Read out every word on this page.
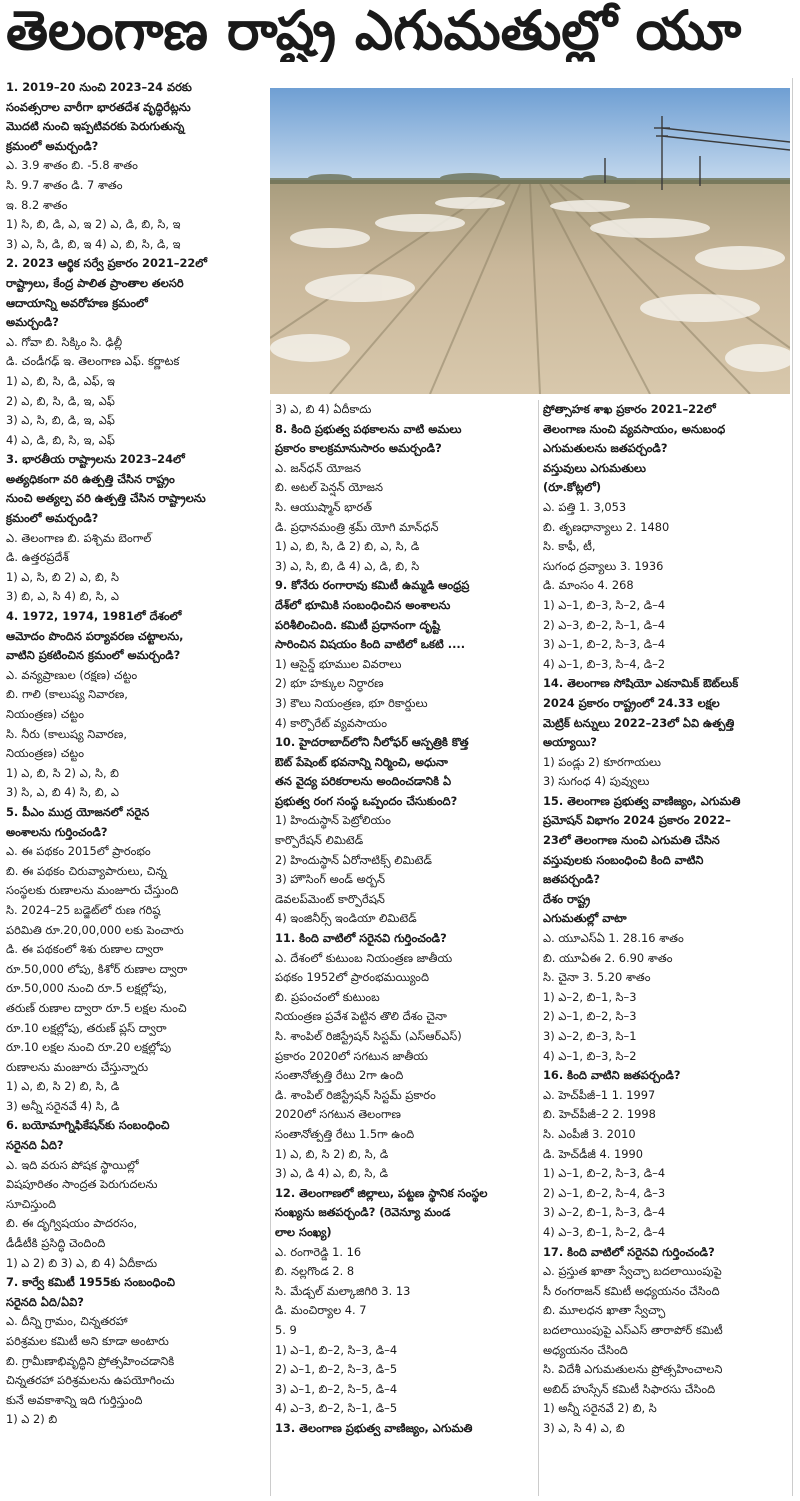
తెలంగాణ రాష్ట్ర ఎగుమతుల్లో యూ
1. 2019–20 నుంచి 2023–24 వరకు
సంవత్సరాల వారీగా భారతదేశ వృద్ధిరేట్లను
మొదటి నుంచి ఇప్పటివరకు పెరుగుతున్న
క్రమంలో అమర్చండి?
ఎ. 3.9 శాతం బి. -5.8 శాతం
సి. 9.7 శాతం డి. 7 శాతం
ఇ. 8.2 శాతం
1) సి, బి, డి, ఎ, ఇ 2) ఎ, డి, బి, సి, ఇ
3) ఎ, సి, డి, బి, ఇ 4) ఎ, బి, సి, డి, ఇ
2. 2023 ఆర్థిక సర్వే ప్రకారం 2021–22లో
రాష్ట్రాలు, కేంద్ర పాలిత ప్రాంతాల తలసరి
ఆదాయాన్ని అవరోహణ క్రమంలో
అమర్చండి?
ఎ. గోవా బి. సిక్కిం సి. ఢిల్లీ
డి. చండీగఢ్ ఇ. తెలంగాణ ఎఫ్. కర్ణాటక
1) ఎ, బి, సి, డి, ఎఫ్, ఇ
2) ఎ, బి, సి, డి, ఇ, ఎఫ్
3) ఎ, సి, బి, డి, ఇ, ఎఫ్
4) ఎ, డి, బి, సి, ఇ, ఎఫ్
3. భారతీయ రాష్ట్రాలను 2023–24లో
అత్యధికంగా వరి ఉత్పత్తి చేసిన రాష్ట్రం
నుంచి అత్యల్ప వరి ఉత్పత్తి చేసిన రాష్ట్రాలను
క్రమంలో అమర్చండి?
ఎ. తెలంగాణ బి. పశ్చిమ బెంగాల్
డి. ఉత్తరప్రదేశ్
1) ఎ, సి, బి 2) ఎ, బి, సి
3) బి, ఎ, సి 4) బి, సి, ఎ
4. 1972, 1974, 1981లో దేశంలో
ఆమోదం పొందిన పర్యావరణ చట్టాలను,
వాటిని ప్రకటించిన క్రమంలో అమర్చండి?
ఎ. వన్యప్రాణుల (రక్షణ) చట్టం
బి. గాలి (కాలుష్య నివారణ,
నియంత్రణ) చట్టం
సి. నీరు (కాలుష్య నివారణ,
నియంత్రణ) చట్టం
1) ఎ, బి, సి 2) ఎ, సి, బి
3) సి, ఎ, బి 4) సి, బి, ఎ
5. పీఎం ముద్ర యోజనలో సరైన
అంశాలను గుర్తించండి?
ఎ. ఈ పథకం 2015లో ప్రారంభం
బి. ఈ పథకం చిరువ్యాపారులు, చిన్న
సంస్థలకు రుణాలను మంజూరు చేస్తుంది
సి. 2024–25 బడ్జెట్‌లో రుణ గరిష్ఠ
పరిమితి రూ.20,00,000 లకు పెంచారు
డి. ఈ పథకంలో శిశు రుణాల ద్వారా
రూ.50,000 లోపు, కిశోర్ రుణాల ద్వారా
రూ.50,000 నుంచి రూ.5 లక్షల్లోపు,
తరుణ్ రుణాల ద్వారా రూ.5 లక్షల నుంచి
రూ.10 లక్షల్లోపు, తరుణ్ ప్లస్ ద్వారా
రూ.10 లక్షల నుంచి రూ.20 లక్షల్లోపు
రుణాలను మంజూరు చేస్తున్నారు
1) ఎ, బి, సి 2) బి, సి, డి
3) అన్నీ సరైనవే 4) సి, డి
6. బయోమాగ్నిఫికేషన్‌కు సంబంధించి
సరైనది ఏది?
ఎ. ఇది వరుస పోషక స్థాయిల్లో
విషపూరితం సాంద్రత పెరుగుదలను
సూచిస్తుంది
బి. ఈ దృగ్విషయం పాదరసం,
డీడీటీకి ప్రసిద్ధి చెందింది
1) ఎ 2) బి 3) ఎ, బి 4) ఏదీకాదు
7. కార్వే కమిటీ 1955కు సంబంధించి
సరైనది ఏది/ఏవి?
ఎ. దీన్ని గ్రామం, చిన్నతరహా
పరిశ్రమల కమిటీ అని కూడా అంటారు
బి. గ్రామీణాభివృద్ధిని ప్రోత్సహించడానికి
చిన్నతరహా పరిశ్రమలను ఉపయోగించు
కునే అవకాశాన్ని ఇది గుర్తిస్తుంది
1) ఎ 2) బి
3) ఎ, బి 4) ఏదీకాదు
8. కింది ప్రభుత్వ పథకాలను వాటి అమలు
ప్రకారం కాలక్రమానుసారం అమర్చండి?
ఎ. జన్‌ధన్ యోజన
బి. అటల్ పెన్షన్ యోజన
సి. ఆయుష్మాన్ భారత్
డి. ప్రధానమంత్రి శ్రమ్ యోగి మాన్‌ధన్
1) ఎ, బి, సి, డి 2) బి, ఎ, సి, డి
3) ఎ, సి, బి, డి 4) ఎ, డి, బి, సి
9. కోనేరు రంగారావు కమిటీ ఉమ్మడి ఆంధ్రప్ర
దేశ్‌లో భూమికి సంబంధించిన అంశాలను
పరిశీలించింది. కమిటీ ప్రధానంగా దృష్టి
సారించిన విషయం కింది వాటిలో ఒకటి ....
1) ఆసైన్డ్ భూముల వివరాలు
2) భూ హక్కుల నిర్ధారణ
3) కౌలు నియంత్రణ, భూ రికార్డులు
4) కార్పొరేట్ వ్యవసాయం
10. హైదరాబాద్‌లోని నీలోఫర్ ఆస్పత్రికి కొత్త
ఔట్ పేషెంట్ భవనాన్ని నిర్మించి, అధునా
తన వైద్య పరికరాలను అందించడానికి ఏ
ప్రభుత్వ రంగ సంస్థ ఒప్పందం చేసుకుంది?
1) హిందుస్థాన్ పెట్రోలియం
కార్పొరేషన్ లిమిటెడ్
2) హిందుస్థాన్ ఏరోనాటిక్స్ లిమిటెడ్
3) హౌసింగ్ అండ్ అర్బన్
డెవలప్‌మెంట్ కార్పొరేషన్
4) ఇంజినీర్స్ ఇండియా లిమిటెడ్
11. కింది వాటిలో సరైనవి గుర్తించండి?
ఎ. దేశంలో కుటుంబ నియంత్రణ జాతీయ
పథకం 1952లో ప్రారంభమయ్యింది
బి. ప్రపంచంలో కుటుంబ
నియంత్రణ ప్రవేశ పెట్టిన తొలి దేశం చైనా
సి. శాంపిల్ రిజిస్ట్రేషన్ సిస్టమ్ (ఎస్ఆర్ఎస్)
ప్రకారం 2020లో సగటున జాతీయ
సంతానోత్పత్తి రేటు 2గా ఉంది
డి. శాంపిల్ రిజిస్ట్రేషన్ సిస్టమ్ ప్రకారం
2020లో సగటున తెలంగాణ
సంతానోత్పత్తి రేటు 1.5గా ఉంది
1) ఎ, బి, సి 2) బి, సి, డి
3) ఎ, డి 4) ఎ, బి, సి, డి
12. తెలంగాణలో జిల్లాలు, పట్టణ స్థానిక సంస్థల
సంఖ్యను జతపర్చండి? (రెవెన్యూ మండ
లాల సంఖ్య)
ఎ. రంగారెడ్డి 1. 16
బి. నల్లగొండ 2. 8
సి. మేడ్చల్ మల్కాజిగిరి 3. 13
డి. మంచిర్యాల 4. 7
5. 9
1) ఎ–1, బి–2, సి–3, డి–4
2) ఎ–1, బి–2, సి–3, డి–5
3) ఎ–1, బి–2, సి–5, డి–4
4) ఎ–3, బి–2, సి–1, డి–5
13. తెలంగాణ ప్రభుత్వ వాణిజ్యం, ఎగుమతి
ప్రోత్సాహక శాఖ ప్రకారం 2021–22లో
తెలంగాణ నుంచి వ్యవసాయం, అనుబంధ
ఎగుమతులను జతపర్చండి?
వస్తువులు ఎగుమతులు
(రూ.కోట్లలో)
ఎ. పత్తి 1. 3,053
బి. తృణధాన్యాలు 2. 1480
సి. కాఫీ, టీ,
సుగంధ ద్రవ్యాలు 3. 1936
డి. మాంసం 4. 268
1) ఎ–1, బి–3, సి–2, డి–4
2) ఎ–3, బి–2, సి–1, డి–4
3) ఎ–1, బి–2, సి–3, డి–4
4) ఎ–1, బి–3, సి–4, డి–2
14. తెలంగాణ సోషియో ఎకనామిక్ ఔట్‌లుక్
2024 ప్రకారం రాష్ట్రంలో 24.33 లక్షల
మెట్రిక్ టన్నులు 2022–23లో ఏవి ఉత్పత్తి
అయ్యాయి?
1) పండ్లు 2) కూరగాయలు
3) సుగంధ 4) పువ్వులు
15. తెలంగాణ ప్రభుత్వ వాణిజ్యం, ఎగుమతి
ప్రమోషన్ విభాగం 2024 ప్రకారం 2022–
23లో తెలంగాణ నుంచి ఎగుమతి చేసిన
వస్తువులకు సంబంధించి కింది వాటిని
జతపర్చండి?
దేశం రాష్ట్ర
ఎగుమతుల్లో వాటా
ఎ. యూఎస్ఏ 1. 28.16 శాతం
బి. యూఏఈ 2. 6.90 శాతం
సి. చైనా 3. 5.20 శాతం
1) ఎ–2, బి–1, సి–3
2) ఎ–1, బి–2, సి–3
3) ఎ–2, బి–3, సి–1
4) ఎ–1, బి–3, సి–2
16. కింది వాటిని జతపర్చండి?
ఎ. హెచ్‌పీజీ–1 1. 1997
బి. హెచ్‌పీజీ–2 2. 1998
సి. ఎంపీజీ 3. 2010
డి. హెచ్‌డీజీ 4. 1990
1) ఎ–1, బి–2, సి–3, డి–4
2) ఎ–1, బి–2, సి–4, డి–3
3) ఎ–2, బి–1, సి–3, డి–4
4) ఎ–3, బి–1, సి–2, డి–4
17. కింది వాటిలో సరైనవి గుర్తించండి?
ఎ. ప్రస్తుత ఖాతా స్వేచ్ఛా బదలాయింపుపై
సీ రంగరాజన్ కమిటీ అధ్యయనం చేసింది
బి. మూలధన ఖాతా స్వేచ్ఛా
బదలాయింపుపై ఎస్ఎస్ తారాపోర్ కమిటీ
అధ్యయనం చేసింది
సి. విదేశీ ఎగుమతులను ప్రోత్సహించాలని
అబిద్ హుస్సేన్ కమిటీ సిఫారసు చేసింది
1) అన్నీ సరైనవే 2) బి, సి
3) ఎ, సి 4) ఎ, బి
